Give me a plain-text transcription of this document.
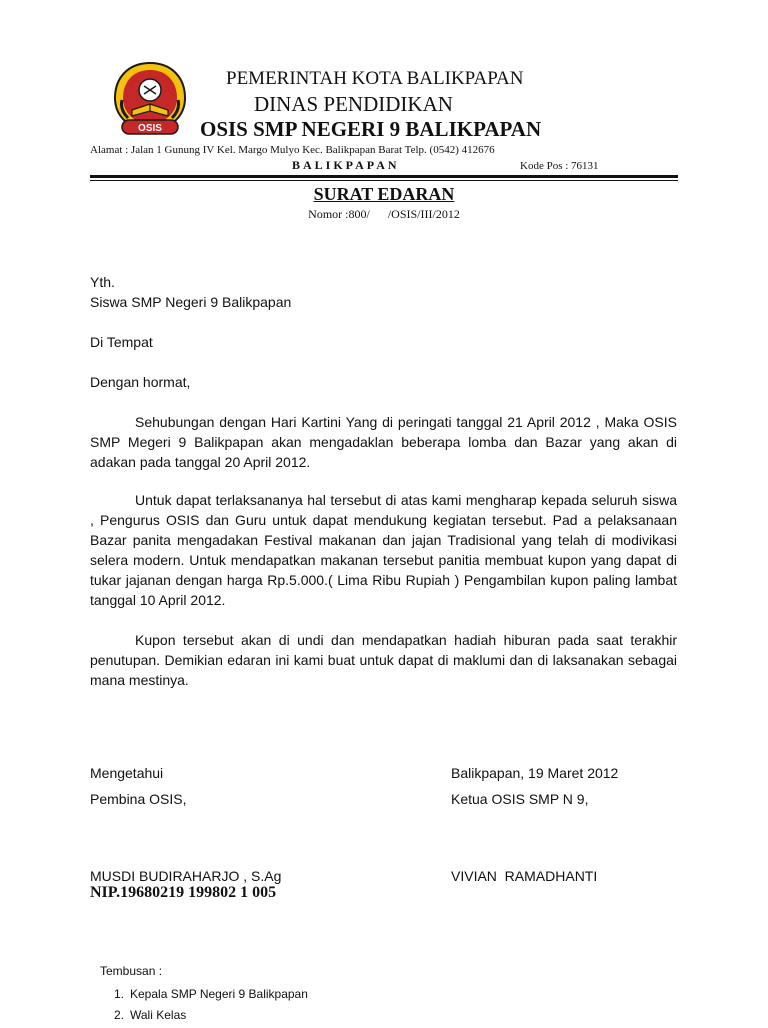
OSIS
PEMERINTAH KOTA BALIKPAPAN
DINAS PENDIDIKAN
OSIS SMP NEGERI 9 BALIKPAPAN
Alamat : Jalan 1 Gunung IV Kel. Margo Mulyo Kec. Balikpapan Barat Telp. (0542) 412676
BALIKPAPAN	Kode Pos : 76131
SURAT EDARAN
Nomor :800/      /OSIS/III/2012
Yth.
Siswa SMP Negeri 9 Balikpapan
Di Tempat
Dengan hormat,

Sehubungan dengan Hari Kartini Yang di peringati tanggal 21 April 2012 , Maka OSIS SMP Megeri 9 Balikpapan akan mengadaklan beberapa lomba dan Bazar yang akan di adakan pada tanggal 20 April 2012.

Untuk dapat terlaksananya hal tersebut di atas kami mengharap kepada seluruh siswa , Pengurus OSIS dan Guru untuk dapat mendukung kegiatan tersebut. Pad a pelaksanaan Bazar panita mengadakan Festival makanan dan jajan Tradisional yang telah di modivikasi selera modern. Untuk mendapatkan makanan tersebut panitia membuat kupon yang dapat di tukar jajanan dengan harga Rp.5.000.( Lima Ribu Rupiah ) Pengambilan kupon paling lambat tanggal 10 April 2012.

Kupon tersebut akan di undi dan mendapatkan hadiah hiburan pada saat terakhir penutupan. Demikian edaran ini kami buat untuk dapat di maklumi dan di laksanakan sebagai mana mestinya.

Mengetahui
Pembina OSIS,
MUSDI BUDIRAHARJO , S.Ag
NIP.19680219 199802 1 005
Balikpapan, 19 Maret 2012
Ketua OSIS SMP N 9,
VIVIAN  RAMADHANTI
Tembusan :
1. Kepala SMP Negeri 9 Balikpapan
2. Wali Kelas
